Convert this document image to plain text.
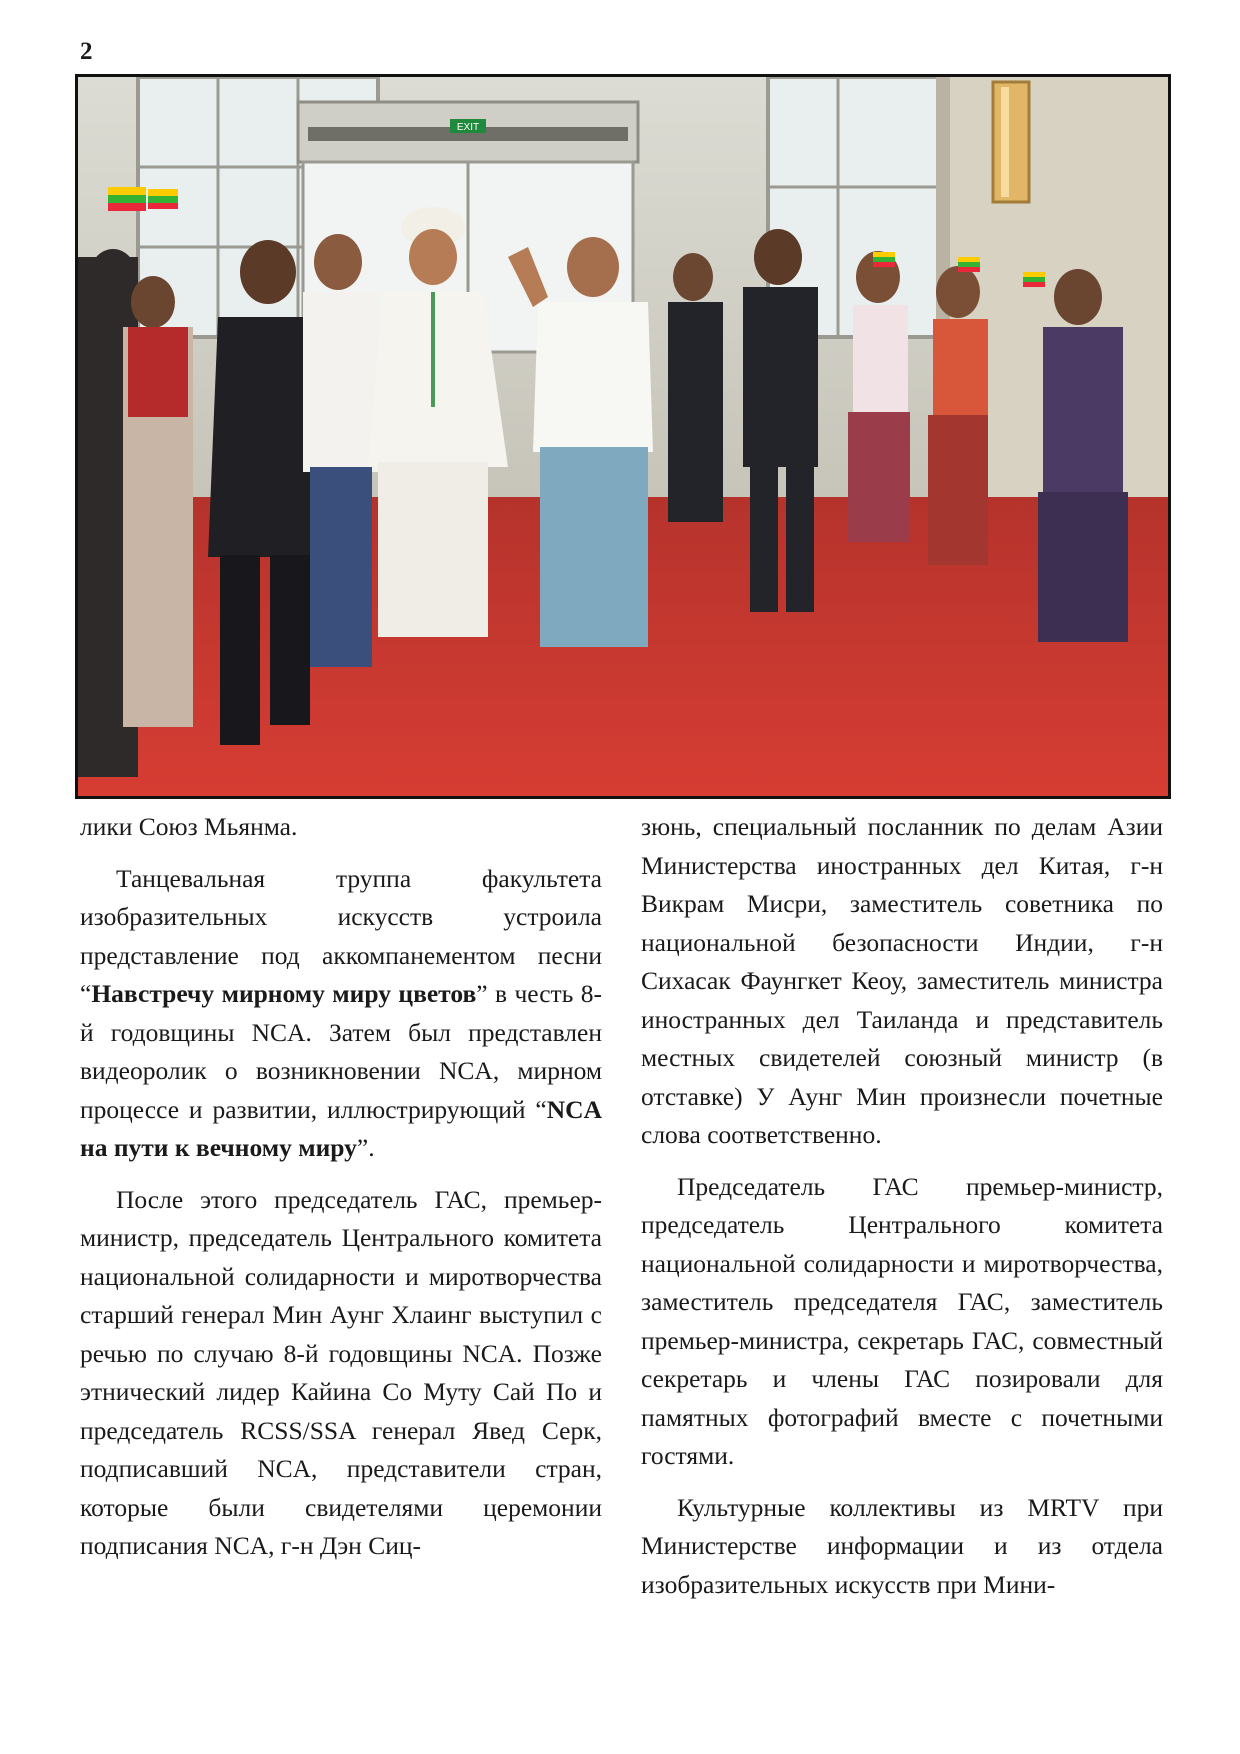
2
EXIT

лики Союз Мьянма.

Танцевальная труппа факультета изобразительных искусств устроила представление под аккомпанементом песни “Навстречу мирному миру цветов” в честь 8-й годовщины NCA. Затем был представлен видеоролик о возникновении NCA, мирном процессе и развитии, иллюстрирующий “NCA на пути к вечному миру”.

После этого председатель ГАС, премьер-министр, председатель Центрального комитета национальной солидарности и миротворчества старший генерал Мин Аунг Хлаинг выступил с речью по случаю 8-й годовщины NCA. Позже этнический лидер Кайина Со Муту Сай По и председатель RCSS/SSA генерал Явед Серк, подписавший NCA, представители стран, которые были свидетелями церемонии подписания NCA, г-н Дэн Сиц-

зюнь, специальный посланник по делам Азии Министерства иностранных дел Китая, г-н Викрам Мисри, заместитель советника по национальной безопасности Индии, г-н Сихасак Фаунгкет Кеоу, заместитель министра иностранных дел Таиланда и представитель местных свидетелей союзный министр (в отставке) У Аунг Мин произнесли почетные слова соответственно.

Председатель ГАС премьер-министр, председатель Центрального комитета национальной солидарности и миротворчества, заместитель председателя ГАС, заместитель премьер-министра, секретарь ГАС, совместный секретарь и члены ГАС позировали для памятных фотографий вместе с почетными гостями.

Культурные коллективы из MRTV при Министерстве информации и из отдела изобразительных искусств при Мини-
